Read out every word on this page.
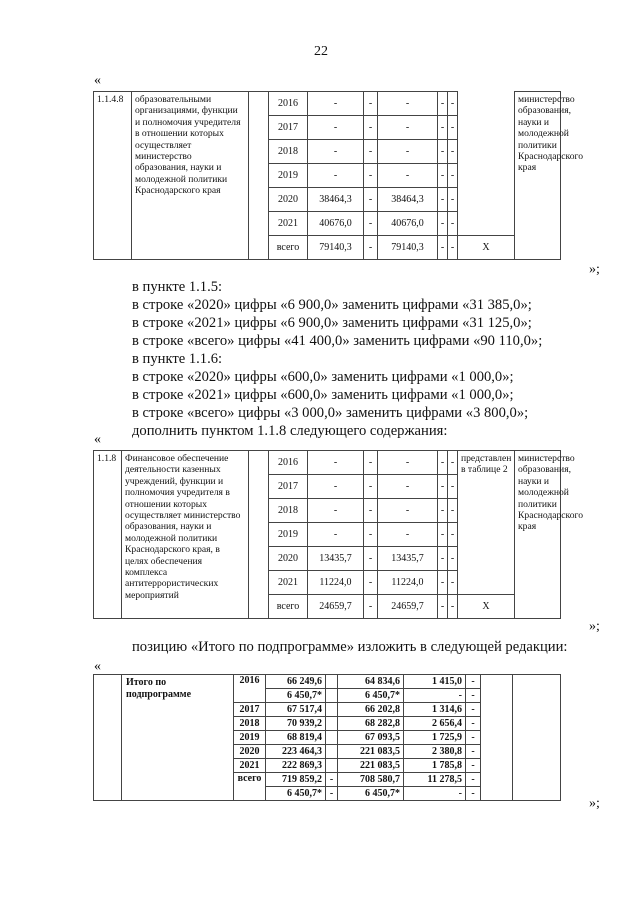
22
«
1.1.4.8	образовательными организациями, функции и полномочия учредителя в отношении которых осуществляет министерство образования, науки и молодежной политики Краснодарского края		2016	-	-	-	-	-		министерство образования, науки и молодежной политики Краснодарского края
			2017	-	-	-	-	-		
			2018	-	-	-	-	-		
			2019	-	-	-	-	-		
			2020	38464,3	-	38464,3	-	-		
			2021	40676,0	-	40676,0	-	-		
			всего	79140,3	-	79140,3	-	-	X	
»;
в пункте 1.1.5:
в строке «2020» цифры «6 900,0» заменить цифрами «31 385,0»;
в строке «2021» цифры «6 900,0» заменить цифрами «31 125,0»;
в строке «всего» цифры «41 400,0» заменить цифрами «90 110,0»;
в пункте 1.1.6:
в строке «2020» цифры «600,0» заменить цифрами «1 000,0»;
в строке «2021» цифры «600,0» заменить цифрами «1 000,0»;
в строке «всего» цифры «3 000,0» заменить цифрами «3 800,0»;
дополнить пунктом 1.1.8 следующего содержания:
«
1.1.8	Финансовое обеспечение деятельности казенных учреждений, функции и полномочия учредителя в отношении которых осуществляет министерство образования, науки и молодежной политики Краснодарского края, в целях обеспечения комплекса антитеррористических мероприятий		2016	-	-	-	-	-	представлен в таблице 2	министерство образования, науки и молодежной политики Краснодарского края
			2017	-	-	-	-	-		
			2018	-	-	-	-	-		
			2019	-	-	-	-	-		
			2020	13435,7	-	13435,7	-	-		
			2021	11224,0	-	11224,0	-	-		
			всего	24659,7	-	24659,7	-	-	X	
»;
позицию «Итого по подпрограмме» изложить в следующей редакции:
«
	Итого по подпрограмме	2016	66 249,6		64 834,6	1 415,0	-		
			6 450,7*		6 450,7*	-	-		
		2017	67 517,4		66 202,8	1 314,6	-		
		2018	70 939,2		68 282,8	2 656,4	-		
		2019	68 819,4		67 093,5	1 725,9	-		
		2020	223 464,3		221 083,5	2 380,8	-		
		2021	222 869,3		221 083,5	1 785,8	-		
		всего	719 859,2	-	708 580,7	11 278,5	-		
			6 450,7*	-	6 450,7*	-	-		
»;
